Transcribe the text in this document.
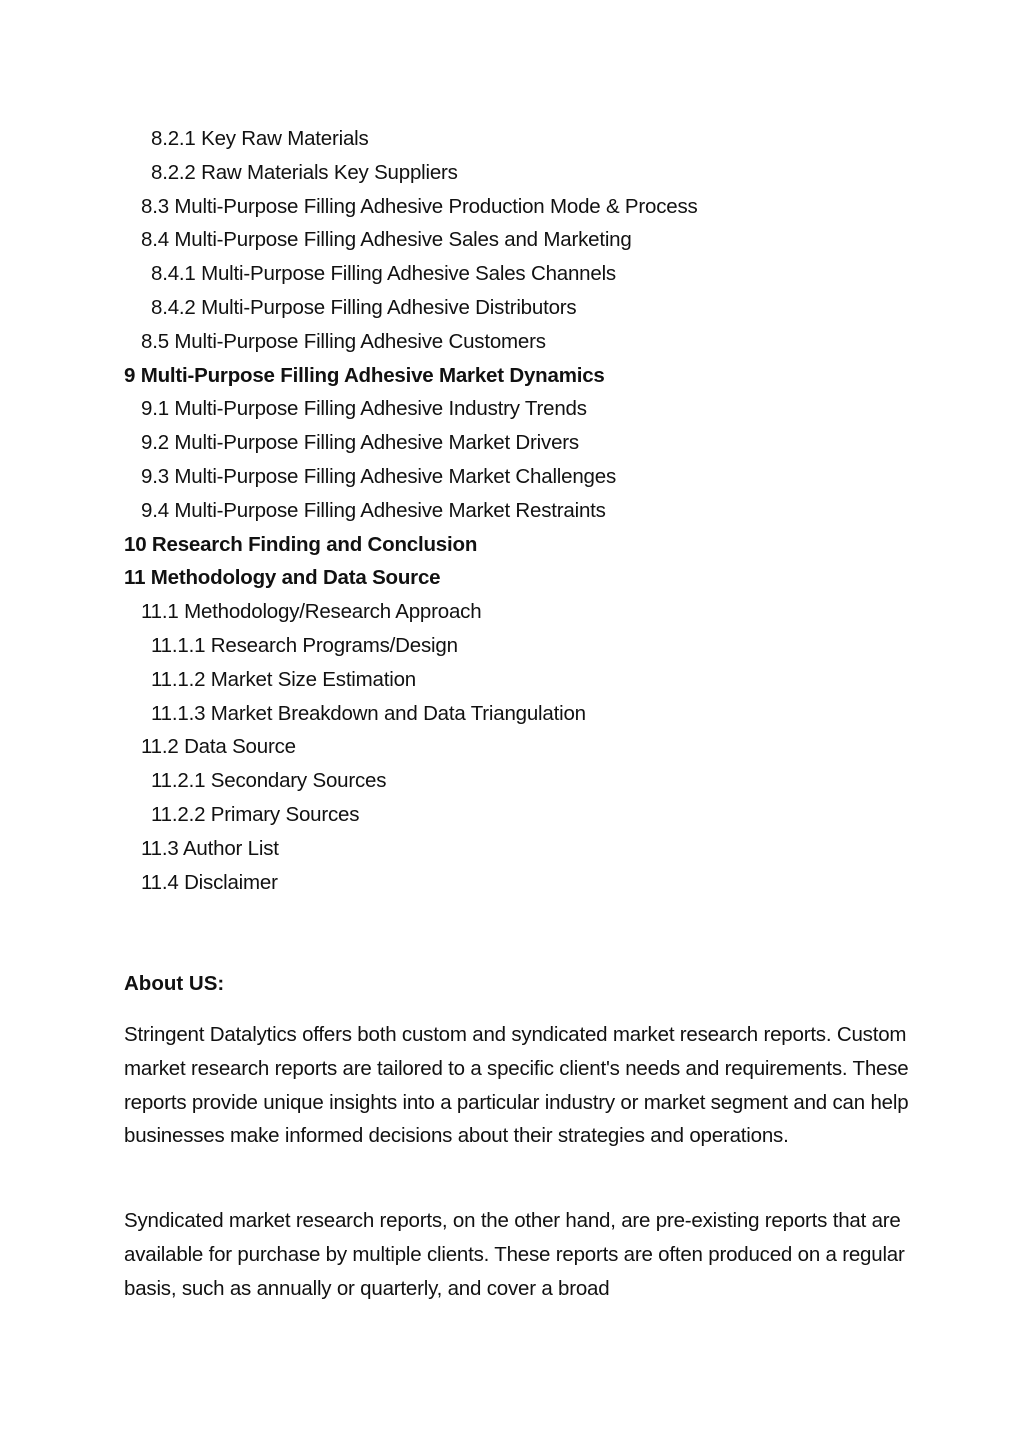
8.2.1 Key Raw Materials
8.2.2 Raw Materials Key Suppliers
8.3 Multi-Purpose Filling Adhesive Production Mode & Process
8.4 Multi-Purpose Filling Adhesive Sales and Marketing
8.4.1 Multi-Purpose Filling Adhesive Sales Channels
8.4.2 Multi-Purpose Filling Adhesive Distributors
8.5 Multi-Purpose Filling Adhesive Customers
9 Multi-Purpose Filling Adhesive Market Dynamics
9.1 Multi-Purpose Filling Adhesive Industry Trends
9.2 Multi-Purpose Filling Adhesive Market Drivers
9.3 Multi-Purpose Filling Adhesive Market Challenges
9.4 Multi-Purpose Filling Adhesive Market Restraints
10 Research Finding and Conclusion
11 Methodology and Data Source
11.1 Methodology/Research Approach
11.1.1 Research Programs/Design
11.1.2 Market Size Estimation
11.1.3 Market Breakdown and Data Triangulation
11.2 Data Source
11.2.1 Secondary Sources
11.2.2 Primary Sources
11.3 Author List
11.4 Disclaimer
About US:

Stringent Datalytics offers both custom and syndicated market research reports. Custom market research reports are tailored to a specific client's needs and requirements. These reports provide unique insights into a particular industry or market segment and can help businesses make informed decisions about their strategies and operations.

Syndicated market research reports, on the other hand, are pre-existing reports that are available for purchase by multiple clients. These reports are often produced on a regular basis, such as annually or quarterly, and cover a broad
